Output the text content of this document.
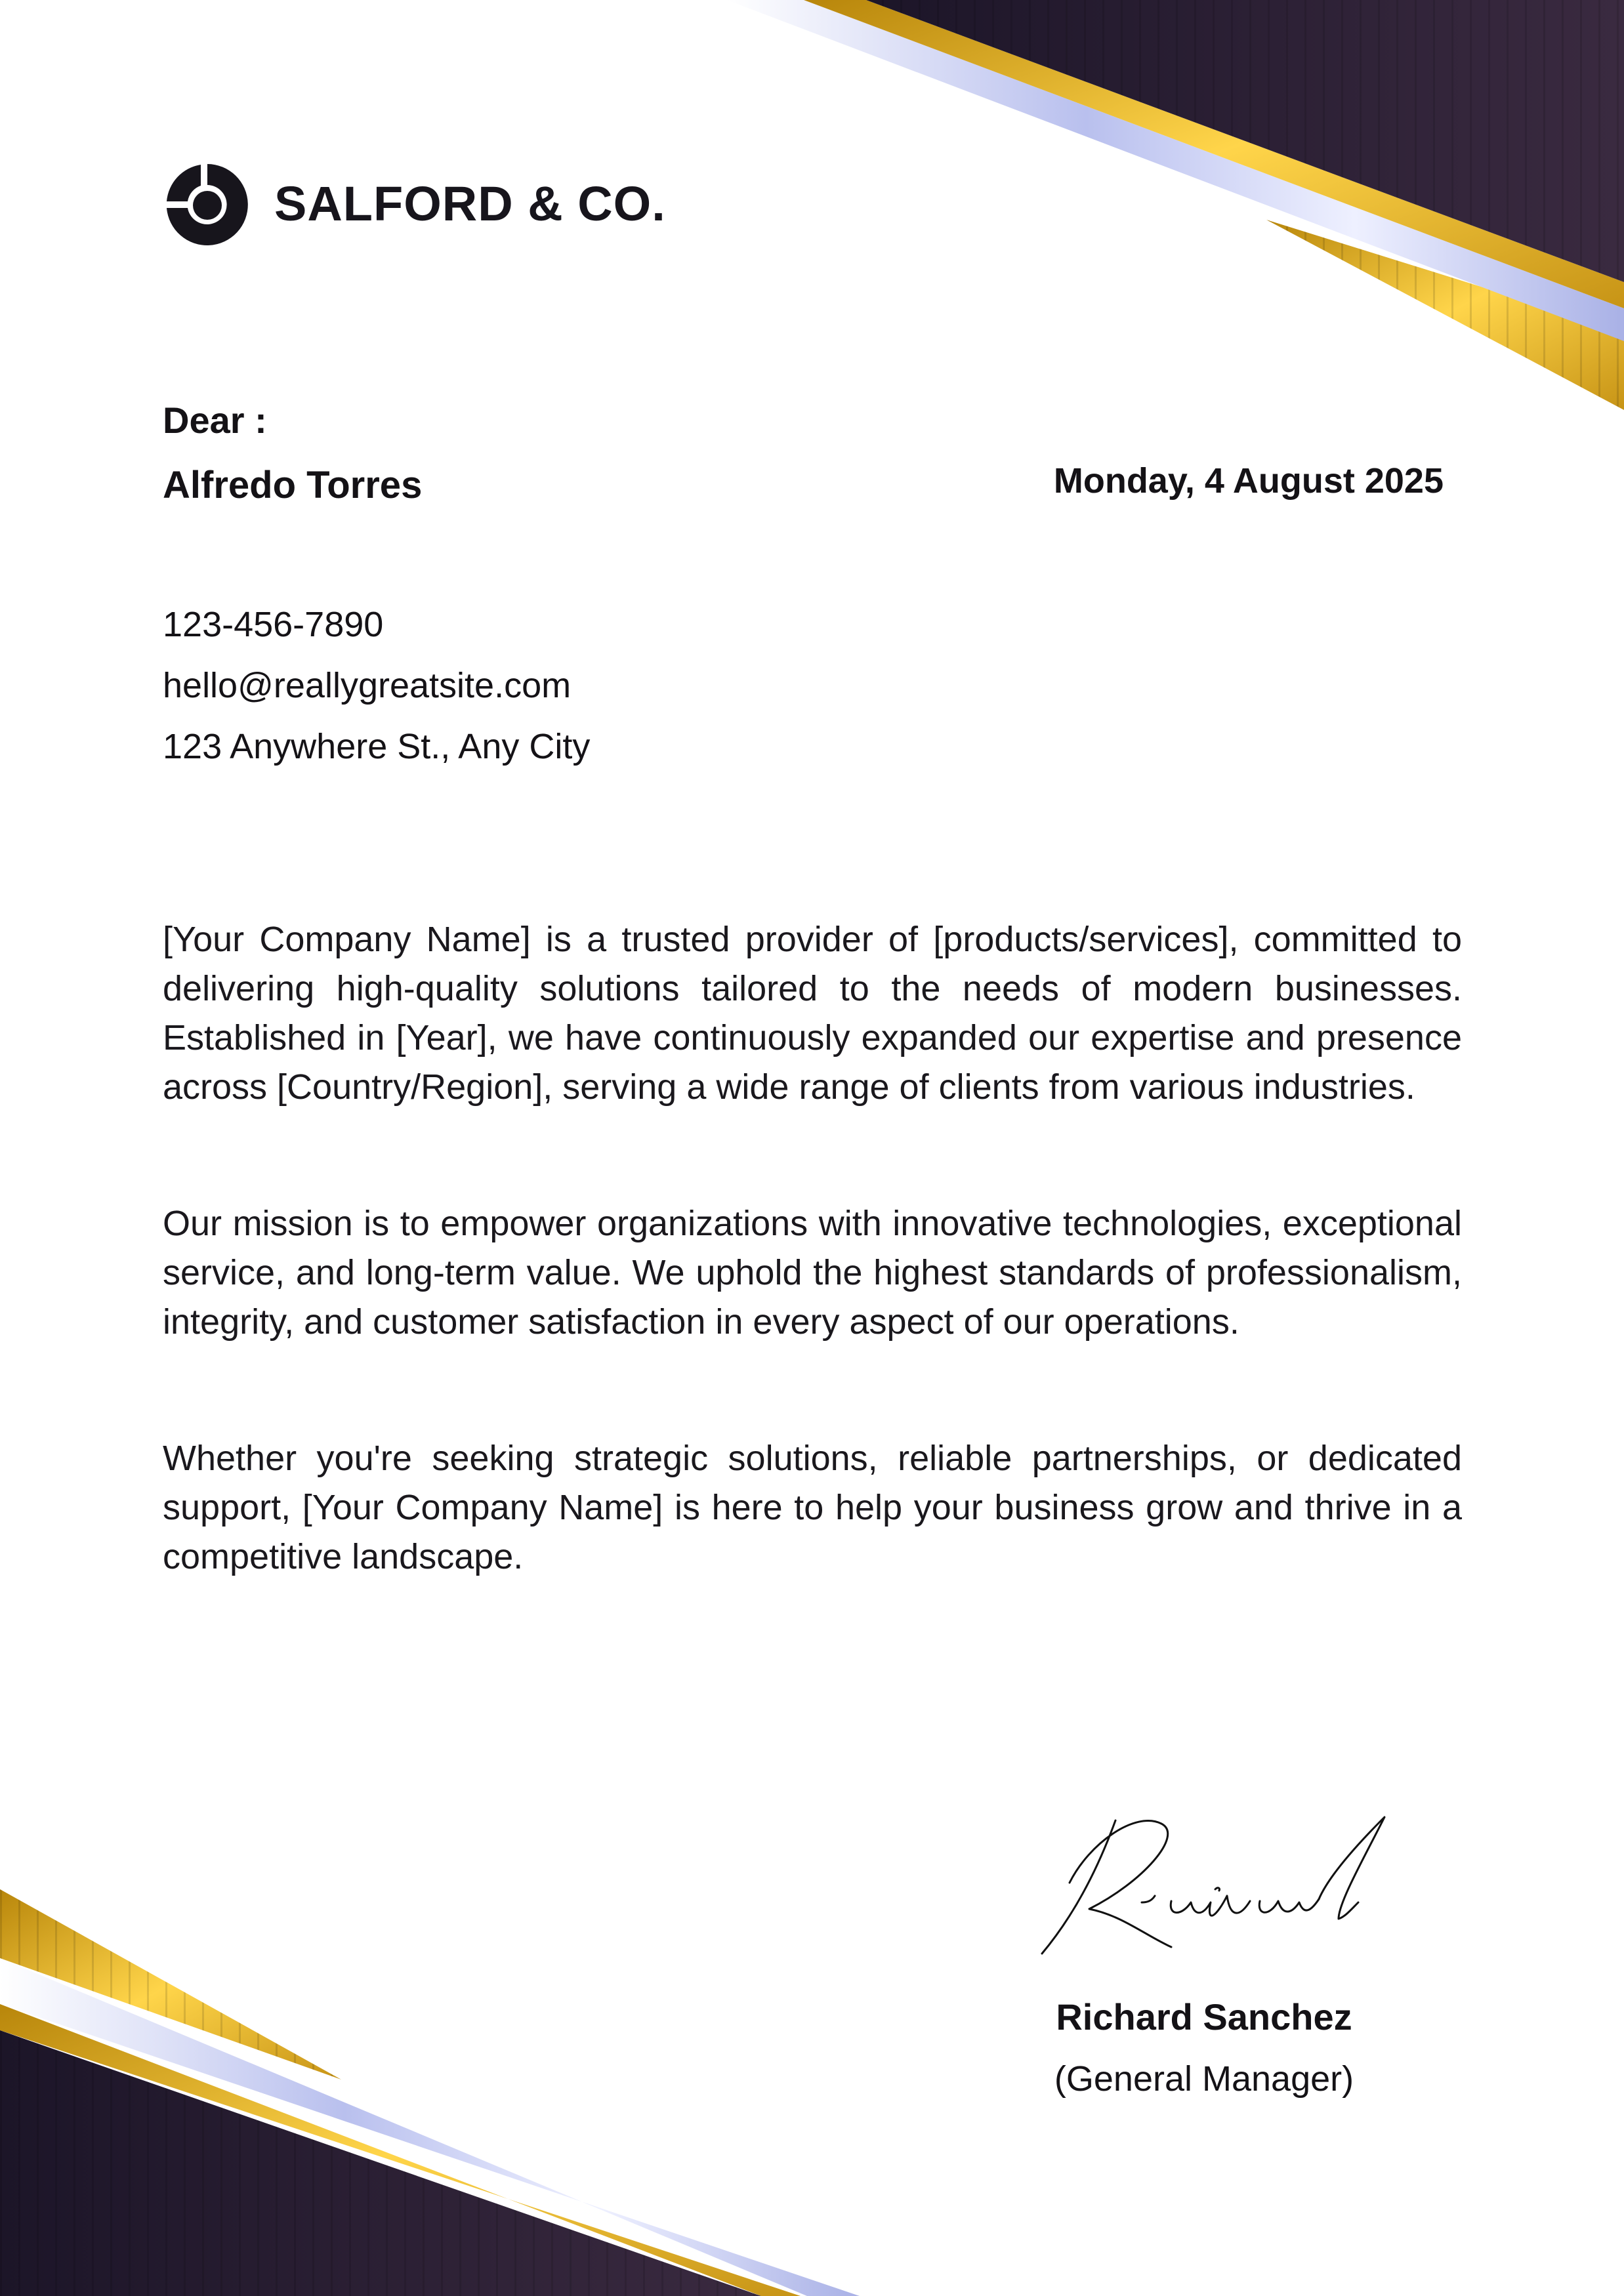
SALFORD & CO.
Dear :
Alfredo Torres	Monday, 4 August 2025
123-456-7890
hello@reallygreatsite.com
123 Anywhere St., Any City

[Your Company Name] is a trusted provider of [products/services], committed to delivering high-quality solutions tailored to the needs of modern businesses. Established in [Year], we have continuously expanded our expertise and presence across [Country/Region], serving a wide range of clients from various industries.

Our mission is to empower organizations with innovative technologies, exceptional service, and long-term value. We uphold the highest standards of professionalism, integrity, and customer satisfaction in every aspect of our operations.

Whether you're seeking strategic solutions, reliable partnerships, or dedicated support, [Your Company Name] is here to help your business grow and thrive in a competitive landscape.

Richard Sanchez
(General Manager)
